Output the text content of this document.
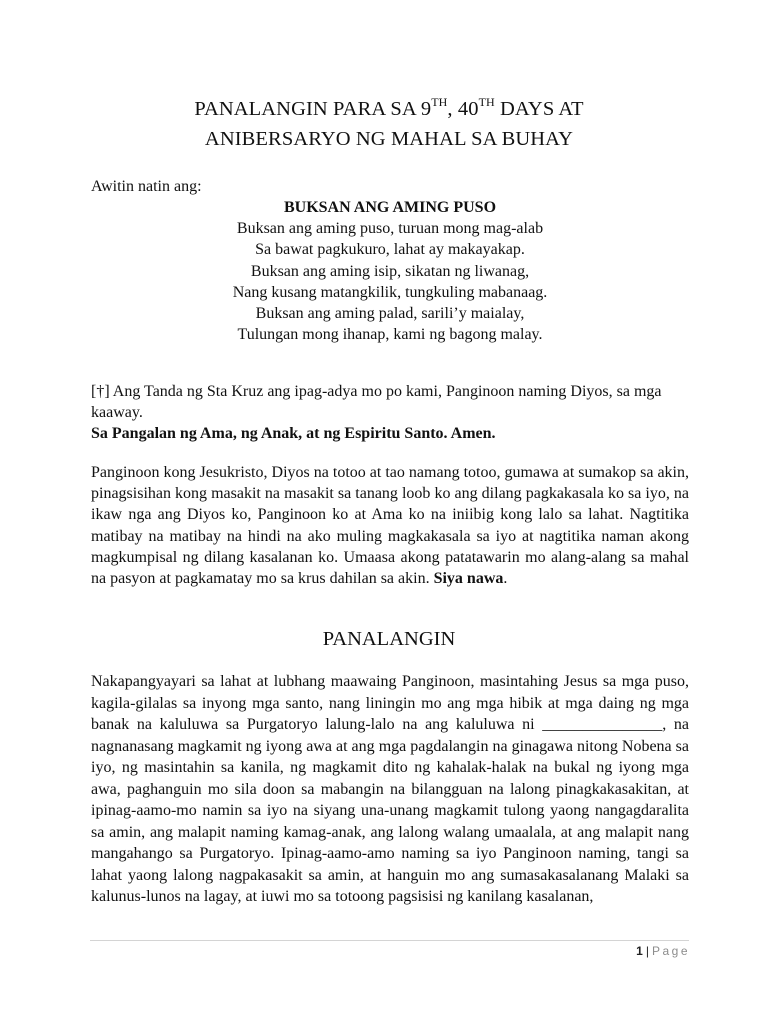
PANALANGIN PARA SA 9TH, 40TH DAYS AT
ANIBERSARYO NG MAHAL SA BUHAY
Awitin natin ang:
BUKSAN ANG AMING PUSO
Buksan ang aming puso, turuan mong mag-alab
Sa bawat pagkukuro, lahat ay makayakap.
Buksan ang aming isip, sikatan ng liwanag,
Nang kusang matangkilik, tungkuling mabanaag.
Buksan ang aming palad, sarili’y maialay,
Tulungan mong ihanap, kami ng bagong malay.
[†] Ang Tanda ng Sta Kruz ang ipag-adya mo po kami, Panginoon naming Diyos, sa mga kaaway.
Sa Pangalan ng Ama, ng Anak, at ng Espiritu Santo. Amen.
Panginoon kong Jesukristo, Diyos na totoo at tao namang totoo, gumawa at sumakop sa akin, pinagsisihan kong masakit na masakit sa tanang loob ko ang dilang pagkakasala ko sa iyo, na ikaw nga ang Diyos ko, Panginoon ko at Ama ko na iniibig kong lalo sa lahat. Nagtitika matibay na matibay na hindi na ako muling magkakasala sa iyo at nagtitika naman akong magkumpisal ng dilang kasalanan ko. Umaasa akong patatawarin mo alang-alang sa mahal na pasyon at pagkamatay mo sa krus dahilan sa akin. Siya nawa.
PANALANGIN
Nakapangyayari sa lahat at lubhang maawaing Panginoon, masintahing Jesus sa mga puso, kagila-gilalas sa inyong mga santo, nang liningin mo ang mga hibik at mga daing ng mga banak na kaluluwa sa Purgatoryo lalung-lalo na ang kaluluwa ni _______________, na nagnanasang magkamit ng iyong awa at ang mga pagdalangin na ginagawa nitong Nobena sa iyo, ng masintahin sa kanila, ng magkamit dito ng kahalak-halak na bukal ng iyong mga awa, paghanguin mo sila doon sa mabangin na bilangguan na lalong pinagkakasakitan, at ipinag-aamo-mo namin sa iyo na siyang una-unang magkamit tulong yaong nangagdaralita sa amin, ang malapit naming kamag-anak, ang lalong walang umaalala, at ang malapit nang mangahango sa Purgatoryo. Ipinag-aamo-amo naming sa iyo Panginoon naming, tangi sa lahat yaong lalong nagpakasakit sa amin, at hanguin mo ang sumasakasalanang Malaki sa kalunus-lunos na lagay, at iuwi mo sa totoong pagsisisi ng kanilang kasalanan,
1 | Page
